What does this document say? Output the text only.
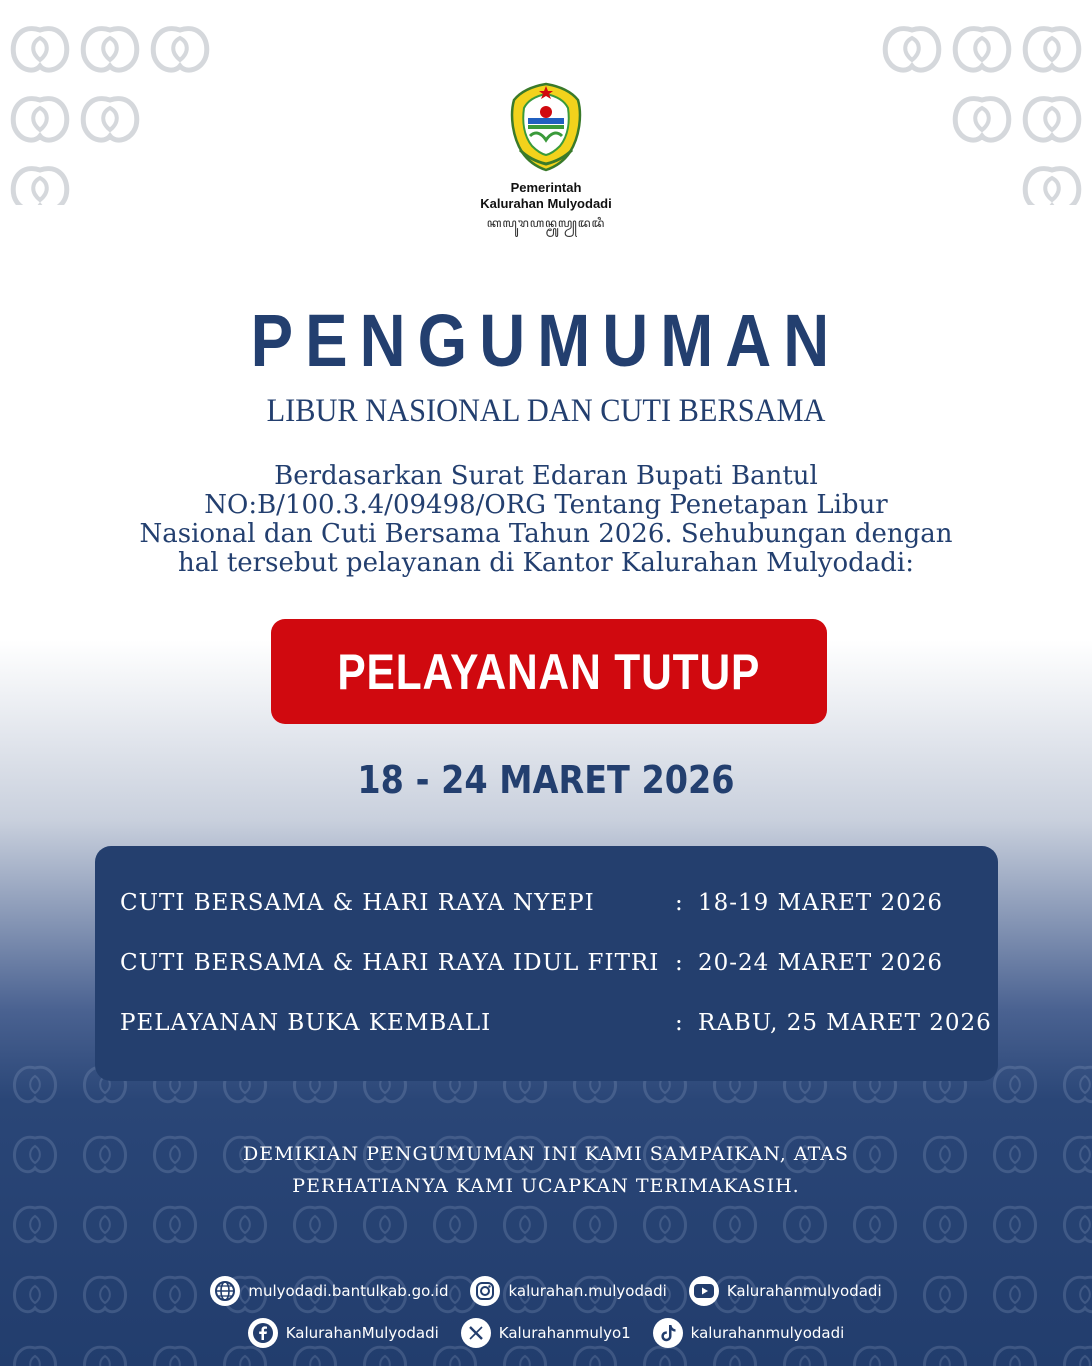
Pemerintah
Kalurahan Mulyodadi
ꦏꦭꦸꦫꦲꦤ꧀ꦩꦸꦭꦾꦢꦢꦶ
PENGUMUMAN
LIBUR NASIONAL DAN CUTI BERSAMA
Berdasarkan Surat Edaran Bupati Bantul
NO:B/100.3.4/09498/ORG Tentang Penetapan Libur
Nasional dan Cuti Bersama Tahun 2026. Sehubungan dengan
hal tersebut pelayanan di Kantor Kalurahan Mulyodadi:
PELAYANAN TUTUP
18 - 24 MARET 2026
CUTI BERSAMA & HARI RAYA NYEPI	: 18-19 MARET 2026
CUTI BERSAMA & HARI RAYA IDUL FITRI : 20-24 MARET 2026
PELAYANAN BUKA KEMBALI	: RABU, 25 MARET 2026
DEMIKIAN PENGUMUMAN INI KAMI SAMPAIKAN, ATAS
PERHATIANYA KAMI UCAPKAN TERIMAKASIH.
mulyodadi.bantulkab.go.id	kalurahan.mulyodadi	Kalurahanmulyodadi
KalurahanMulyodadi	Kalurahanmulyo1	kalurahanmulyodadi
